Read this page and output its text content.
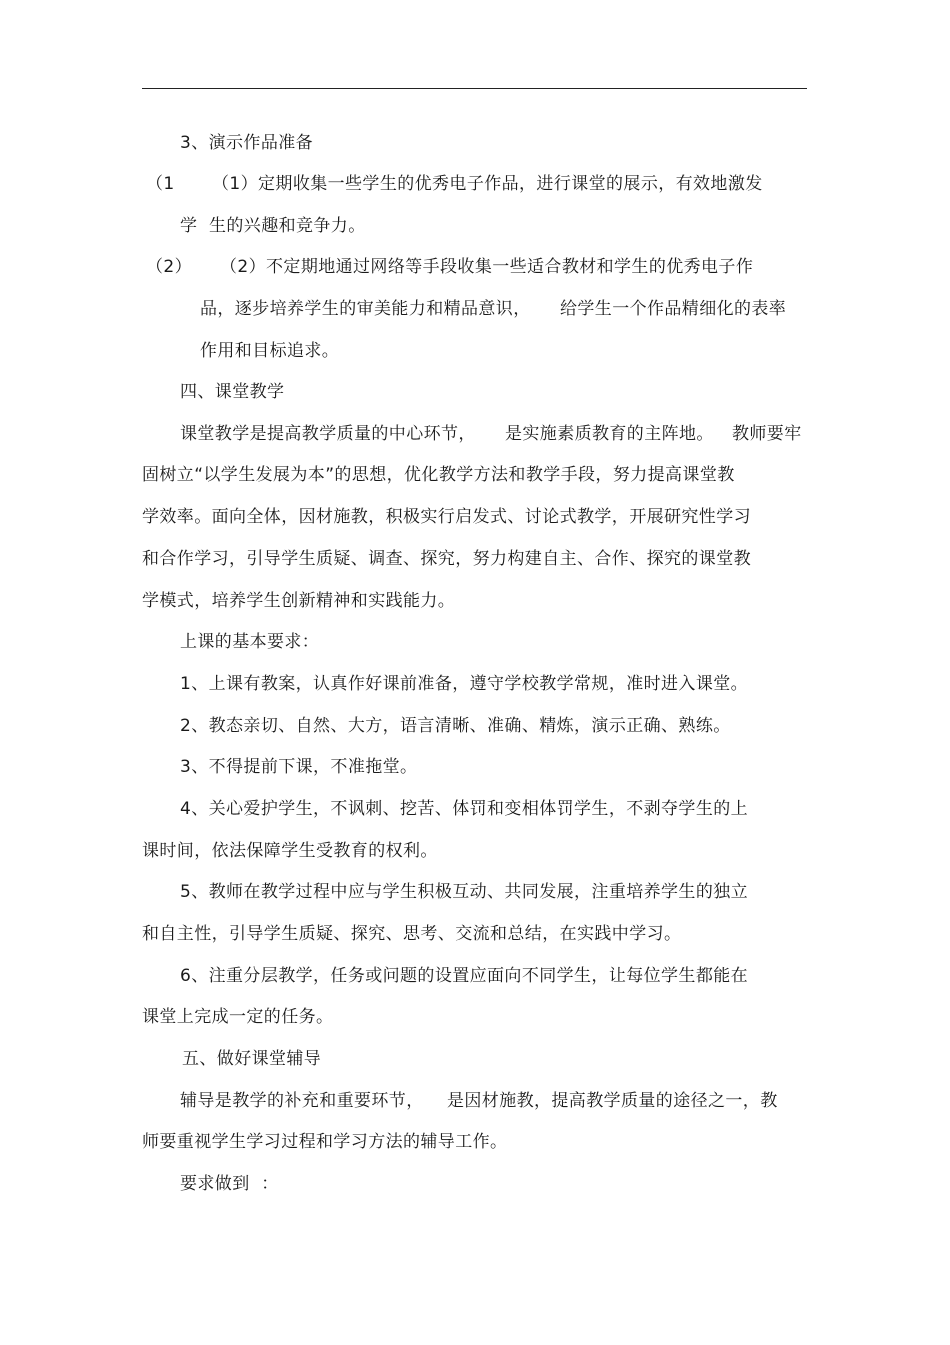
3、演示作品准备
（1 （1）定期收集一些学生的优秀电子作品，进行课堂的展示，有效地激发
学  生的兴趣和竞争力。
（2） （2）不定期地通过网络等手段收集一些适合教材和学生的优秀电子作
品，逐步培养学生的审美能力和精品意识， 给学生一个作品精细化的表率
作用和目标追求。
四、课堂教学
课堂教学是提高教学质量的中心环节， 是实施素质教育的主阵地。 教师要牢
固树立“以学生发展为本”的思想，优化教学方法和教学手段，努力提高课堂教
学效率。面向全体，因材施教，积极实行启发式、讨论式教学，开展研究性学习
和合作学习，引导学生质疑、调查、探究，努力构建自主、合作、探究的课堂教
学模式，培养学生创新精神和实践能力。
上课的基本要求：
1、上课有教案，认真作好课前准备，遵守学校教学常规，准时进入课堂。
2、教态亲切、自然、大方，语言清晰、准确、精炼，演示正确、熟练。
3、不得提前下课，不准拖堂。
4、关心爱护学生，不讽刺、挖苦、体罚和变相体罚学生，不剥夺学生的上
课时间，依法保障学生受教育的权利。
5、教师在教学过程中应与学生积极互动、共同发展，注重培养学生的独立
和自主性，引导学生质疑、探究、思考、交流和总结，在实践中学习。
6、注重分层教学，任务或问题的设置应面向不同学生，让每位学生都能在
课堂上完成一定的任务。
五、做好课堂辅导
辅导是教学的补充和重要环节， 是因材施教，提高教学质量的途径之一，教
师要重视学生学习过程和学习方法的辅导工作。
要求做到  ：
